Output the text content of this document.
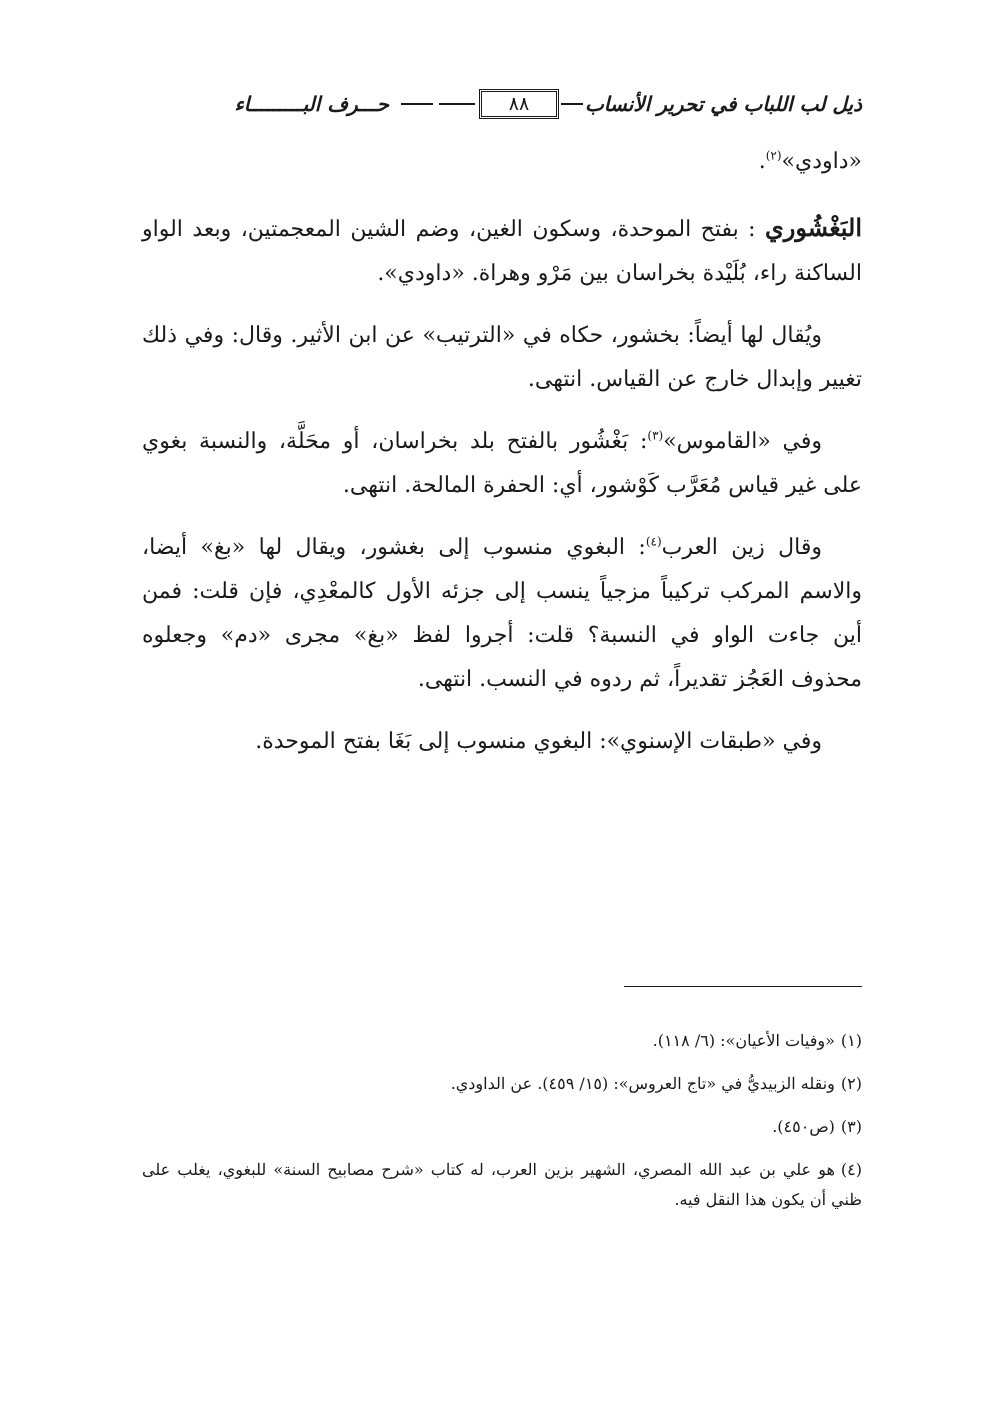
ذيل لب اللباب في تحرير الأنساب
٨٨
حـــرف البـــــــــاء

«داودي»$^{(٢)}$.

البَغْشُوري : بفتح الموحدة، وسكون الغين، وضم الشين المعجمتين، وبعد الواو الساكنة راء، بُلَيْدة بخراسان بين مَرْو وهراة. «داودي».

ويُقال لها أيضاً: بخشور، حكاه في «الترتيب» عن ابن الأثير. وقال: وفي ذلك تغيير وإبدال خارج عن القياس. انتهى.

وفي «القاموس»$^{(٣)}$: بَغْشُور بالفتح بلد بخراسان، أو محَلَّة، والنسبة بغوي على غير قياس مُعَرَّب كَوْشور، أي: الحفرة المالحة. انتهى.

وقال زين العرب$^{(٤)}$: البغوي منسوب إلى بغشور، ويقال لها «بغ» أيضا، والاسم المركب تركيباً مزجياً ينسب إلى جزئه الأول كالمعْدِي، فإن قلت: فمن أين جاءت الواو في النسبة؟ قلت: أجروا لفظ «بغ» مجرى «دم» وجعلوه محذوف العَجُز تقديراً، ثم ردوه في النسب. انتهى.

وفي «طبقات الإسنوي»: البغوي منسوب إلى بَغَا بفتح الموحدة.

(١)«وفيات الأعيان»: (٦/ ١١٨).
(٢)ونقله الزبيديُّ في «تاج العروس»: (١٥/ ٤٥٩). عن الداودي.
(٣)(ص٤٥٠).
(٤)هو علي بن عبد الله المصري، الشهير بزين العرب، له كتاب «شرح مصابيح السنة» للبغوي، يغلب على ظني أن يكون هذا النقل فيه.
